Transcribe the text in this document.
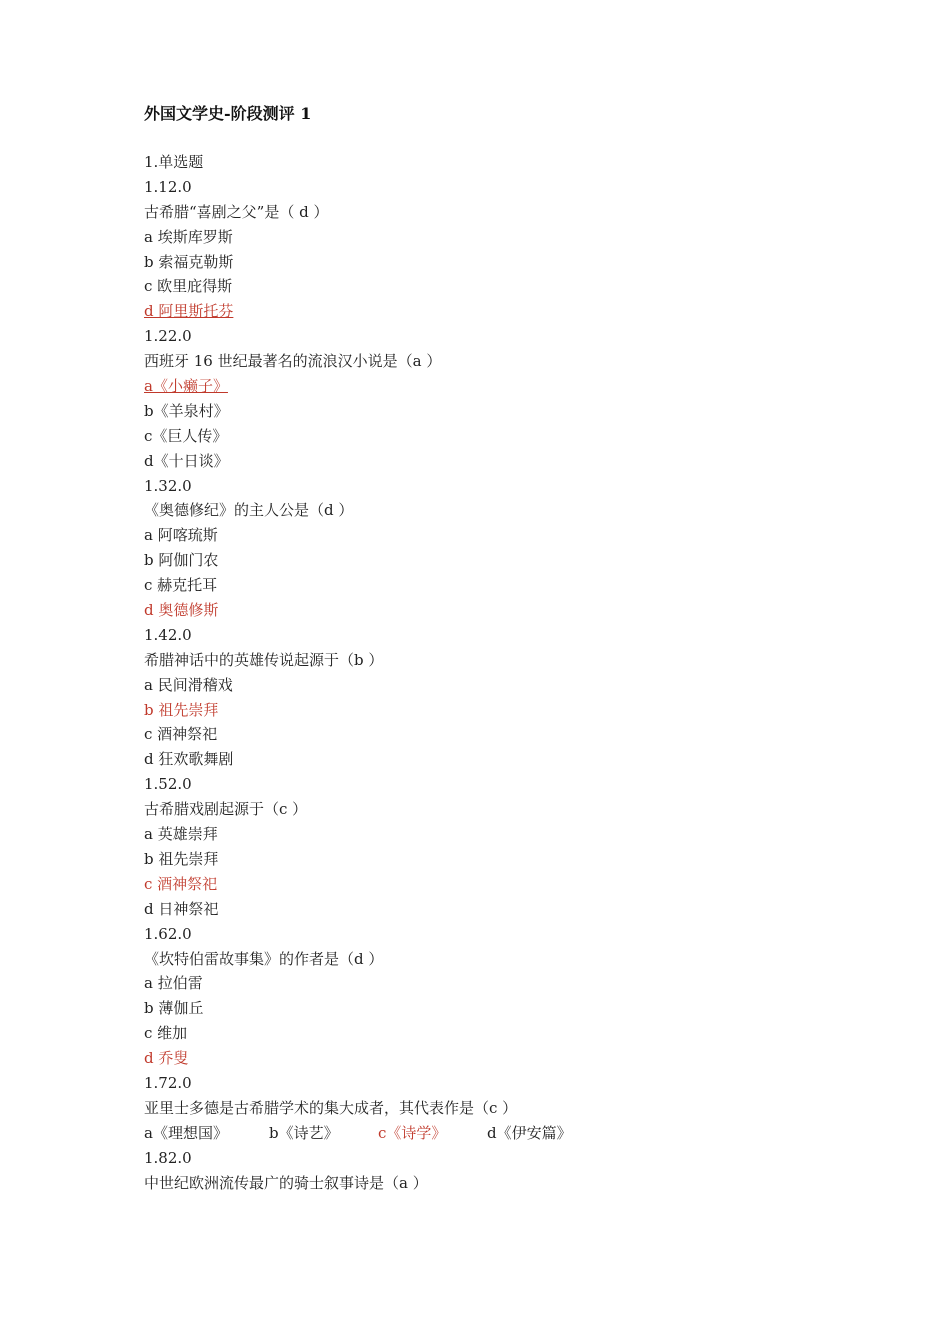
外国文学史-阶段测评 1
1.单选题
1.12.0
古希腊“喜剧之父”是（ d ）
a 埃斯库罗斯
b 索福克勒斯
c 欧里庇得斯
d 阿里斯托芬
1.22.0
西班牙 16 世纪最著名的流浪汉小说是（a ）
a《小癞子》
b《羊泉村》
c《巨人传》
d《十日谈》
1.32.0
《奥德修纪》的主人公是（d ）
a 阿喀琉斯
b 阿伽门农
c 赫克托耳
d 奥德修斯
1.42.0
希腊神话中的英雄传说起源于（b ）
a 民间滑稽戏
b 祖先崇拜
c 酒神祭祀
d 狂欢歌舞剧
1.52.0
古希腊戏剧起源于（c ）
a 英雄崇拜
b 祖先崇拜
c 酒神祭祀
d 日神祭祀
1.62.0
《坎特伯雷故事集》的作者是（d ）
a 拉伯雷
b 薄伽丘
c 维加
d 乔叟
1.72.0
亚里士多德是古希腊学术的集大成者，其代表作是（c ）
a《理想国》	b《诗艺》	c《诗学》	d《伊安篇》
1.82.0
中世纪欧洲流传最广的骑士叙事诗是（a ）
